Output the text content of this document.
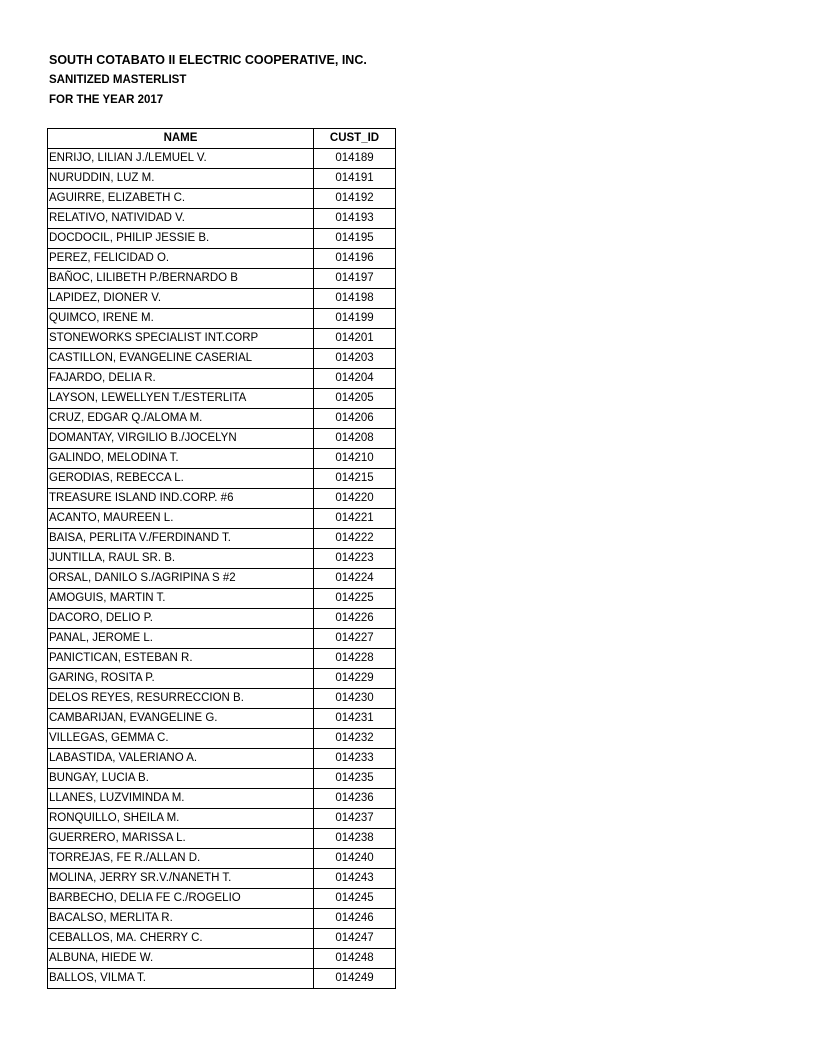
SOUTH COTABATO II ELECTRIC COOPERATIVE, INC.
SANITIZED MASTERLIST
FOR THE YEAR 2017
NAME	CUST_ID
ENRIJO, LILIAN J./LEMUEL V.	014189
NURUDDIN, LUZ M.	014191
AGUIRRE, ELIZABETH C.	014192
RELATIVO, NATIVIDAD V.	014193
DOCDOCIL, PHILIP JESSIE B.	014195
PEREZ, FELICIDAD O.	014196
BAÑOC, LILIBETH P./BERNARDO B	014197
LAPIDEZ, DIONER V.	014198
QUIMCO, IRENE M.	014199
STONEWORKS SPECIALIST INT.CORP	014201
CASTILLON, EVANGELINE CASERIAL	014203
FAJARDO, DELIA R.	014204
LAYSON, LEWELLYEN T./ESTERLITA	014205
CRUZ, EDGAR Q./ALOMA M.	014206
DOMANTAY, VIRGILIO B./JOCELYN	014208
GALINDO, MELODINA T.	014210
GERODIAS, REBECCA L.	014215
TREASURE ISLAND IND.CORP. #6	014220
ACANTO, MAUREEN L.	014221
BAISA, PERLITA V./FERDINAND T.	014222
JUNTILLA, RAUL SR. B.	014223
ORSAL, DANILO S./AGRIPINA S #2	014224
AMOGUIS, MARTIN T.	014225
DACORO, DELIO P.	014226
PANAL, JEROME L.	014227
PANICTICAN, ESTEBAN R.	014228
GARING, ROSITA P.	014229
DELOS REYES, RESURRECCION B.	014230
CAMBARIJAN, EVANGELINE G.	014231
VILLEGAS, GEMMA C.	014232
LABASTIDA, VALERIANO A.	014233
BUNGAY, LUCIA B.	014235
LLANES, LUZVIMINDA M.	014236
RONQUILLO, SHEILA M.	014237
GUERRERO, MARISSA L.	014238
TORREJAS, FE R./ALLAN D.	014240
MOLINA, JERRY SR.V./NANETH T.	014243
BARBECHO, DELIA FE C./ROGELIO	014245
BACALSO, MERLITA R.	014246
CEBALLOS, MA. CHERRY C.	014247
ALBUNA, HIEDE W.	014248
BALLOS, VILMA T.	014249
